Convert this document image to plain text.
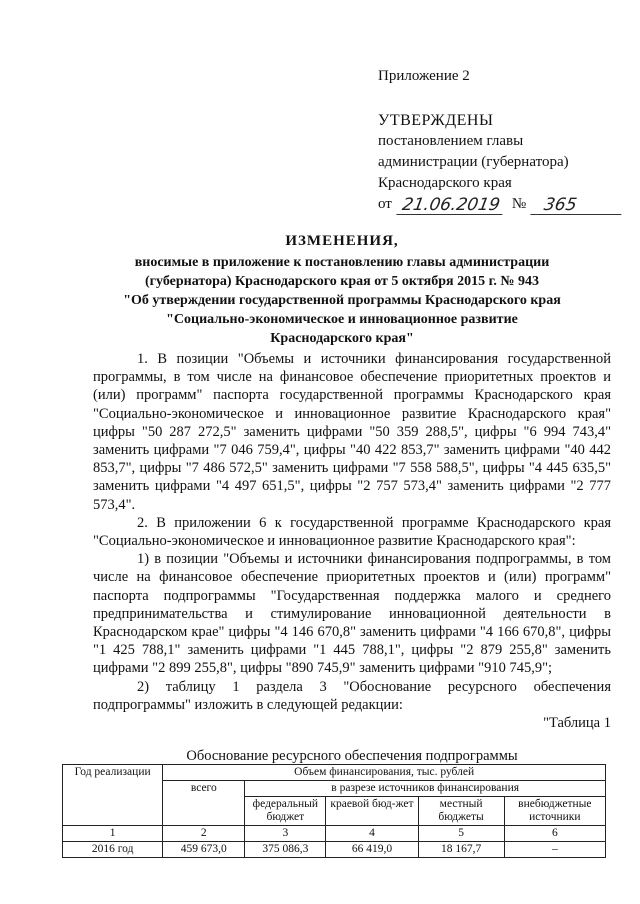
Приложение 2
УТВЕРЖДЕНЫ
постановлением главы
администрации (губернатора)
Краснодарского края
от 21.06.2019 № 365
ИЗМЕНЕНИЯ,
вносимые в приложение к постановлению главы администрации
(губернатора) Краснодарского края от 5 октября 2015 г. № 943
"Об утверждении государственной программы Краснодарского края
"Социально-экономическое и инновационное развитие
Краснодарского края"

1. В позиции "Объемы и источники финансирования государственной программы, в том числе на финансовое обеспечение приоритетных проектов и (или) программ" паспорта государственной программы Краснодарского края "Социально-экономическое и инновационное развитие Краснодарского края" цифры "50 287 272,5" заменить цифрами "50 359 288,5", цифры "6 994 743,4" заменить цифрами "7 046 759,4", цифры "40 422 853,7" заменить цифрами "40 442 853,7", цифры "7 486 572,5" заменить цифрами "7 558 588,5", цифры "4 445 635,5" заменить цифрами "4 497 651,5", цифры "2 757 573,4" заменить цифрами "2 777 573,4".

2. В приложении 6 к государственной программе Краснодарского края "Социально-экономическое и инновационное развитие Краснодарского края":

1) в позиции "Объемы и источники финансирования подпрограммы, в том числе на финансовое обеспечение приоритетных проектов и (или) программ" паспорта подпрограммы "Государственная поддержка малого и среднего предпринимательства и стимулирование инновационной деятельности в Краснодарском крае" цифры "4 146 670,8" заменить цифрами "4 166 670,8", цифры "1 425 788,1" заменить цифрами "1 445 788,1", цифры "2 879 255,8" заменить цифрами "2 899 255,8", цифры "890 745,9" заменить цифрами "910 745,9";

2) таблицу 1 раздела 3 "Обоснование ресурсного обеспечения подпрограммы" изложить в следующей редакции:

"Таблица 1
Обоснование ресурсного обеспечения подпрограммы
Год реализации	Объем финансирования, тыс. рублей				
	всего	в разрезе источников финансирования			
		федеральный бюджет	краевой бюд-жет	местный бюджеты	внебюджетные источники
1	2	3	4	5	6
2016 год	459 673,0	375 086,3	66 419,0	18 167,7	–
